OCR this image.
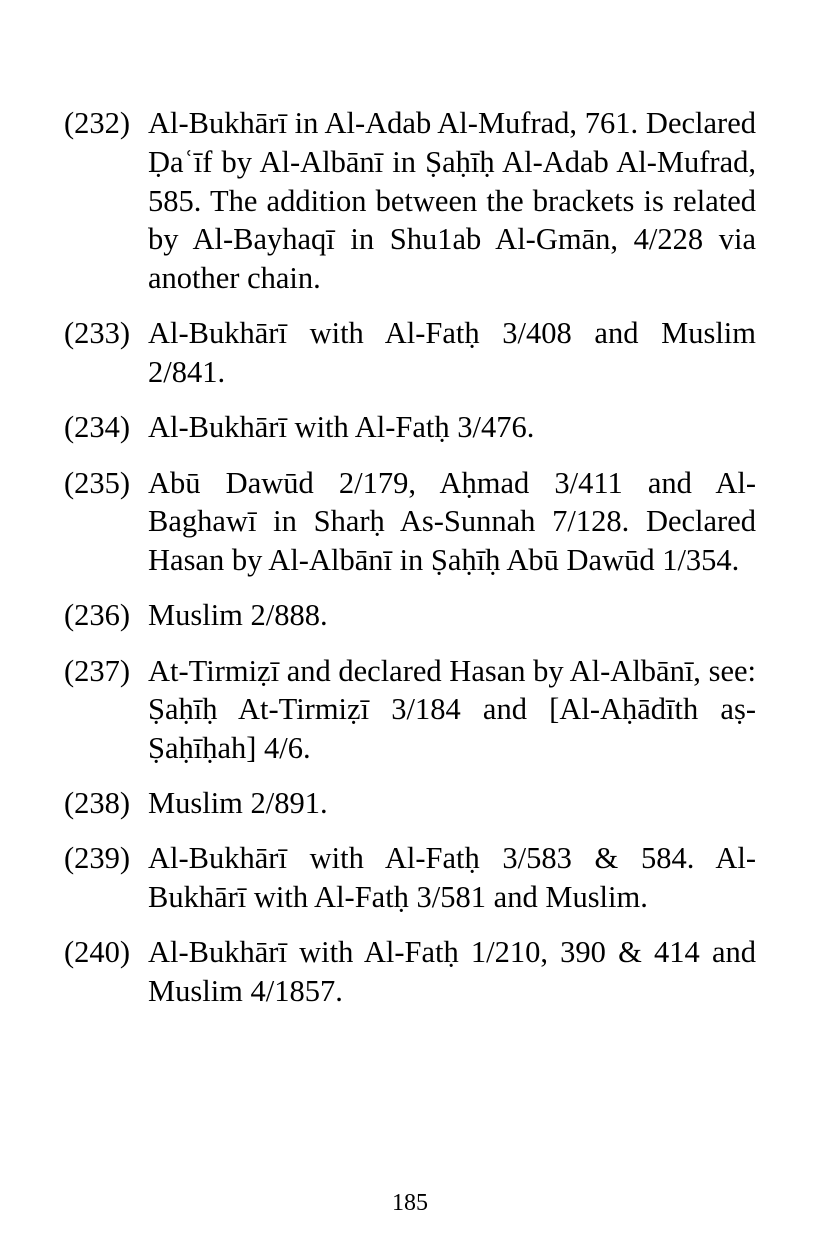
(232) Al-Bukhārī in Al-Adab Al-Mufrad, 761. Declared Ḍaʿīf by Al-Albānī in Ṣaḥīḥ Al-Adab Al-Mufrad, 585. The addition between the brackets is related by Al-Bayhaqī in Shu1ab Al-Gmān, 4/228 via another chain.
(233) Al-Bukhārī with Al-Fatḥ 3/408 and Muslim 2/841.
(234) Al-Bukhārī with Al-Fatḥ 3/476.
(235) Abū Dawūd 2/179, Aḥmad 3/411 and Al-Baghawī in Sharḥ As-Sunnah 7/128. Declared Hasan by Al-Albānī in Ṣaḥīḥ Abū Dawūd 1/354.
(236) Muslim 2/888.
(237) At-Tirmiẓī and declared Hasan by Al-Albānī, see: Ṣaḥīḥ At-Tirmiẓī 3/184 and [Al-Aḥādīth aṣ-Ṣaḥīḥah] 4/6.
(238) Muslim 2/891.
(239) Al-Bukhārī with Al-Fatḥ 3/583 & 584. Al-Bukhārī with Al-Fatḥ 3/581 and Muslim.
(240) Al-Bukhārī with Al-Fatḥ 1/210, 390 & 414 and Muslim 4/1857.
185
